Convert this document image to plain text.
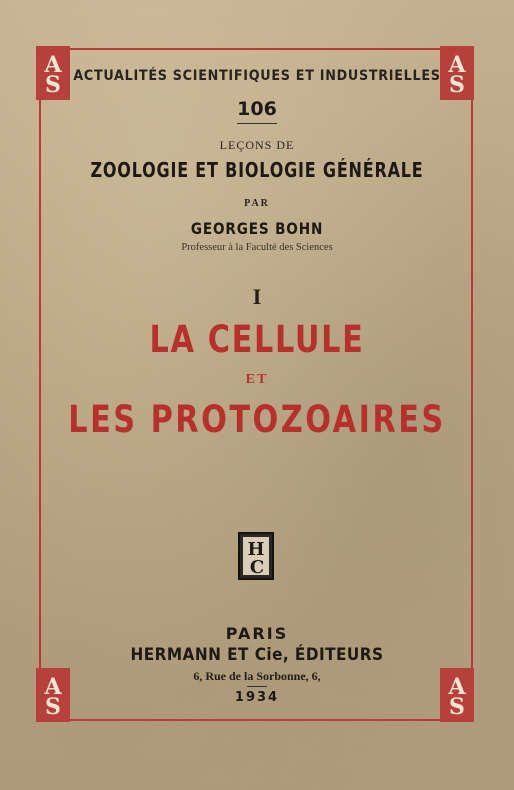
A
S
A
S
A
S
A
S
ACTUALITÉS SCIENTIFIQUES ET INDUSTRIELLES
106
LEÇONS DE
ZOOLOGIE ET BIOLOGIE GÉNÉRALE
PAR
GEORGES BOHN
Professeur à la Faculté des Sciences
I
LA CELLULE
ET
LES PROTOZOAIRES
H
C
PARIS
HERMANN ET Cie, ÉDITEURS
6, Rue de la Sorbonne, 6,
1934
